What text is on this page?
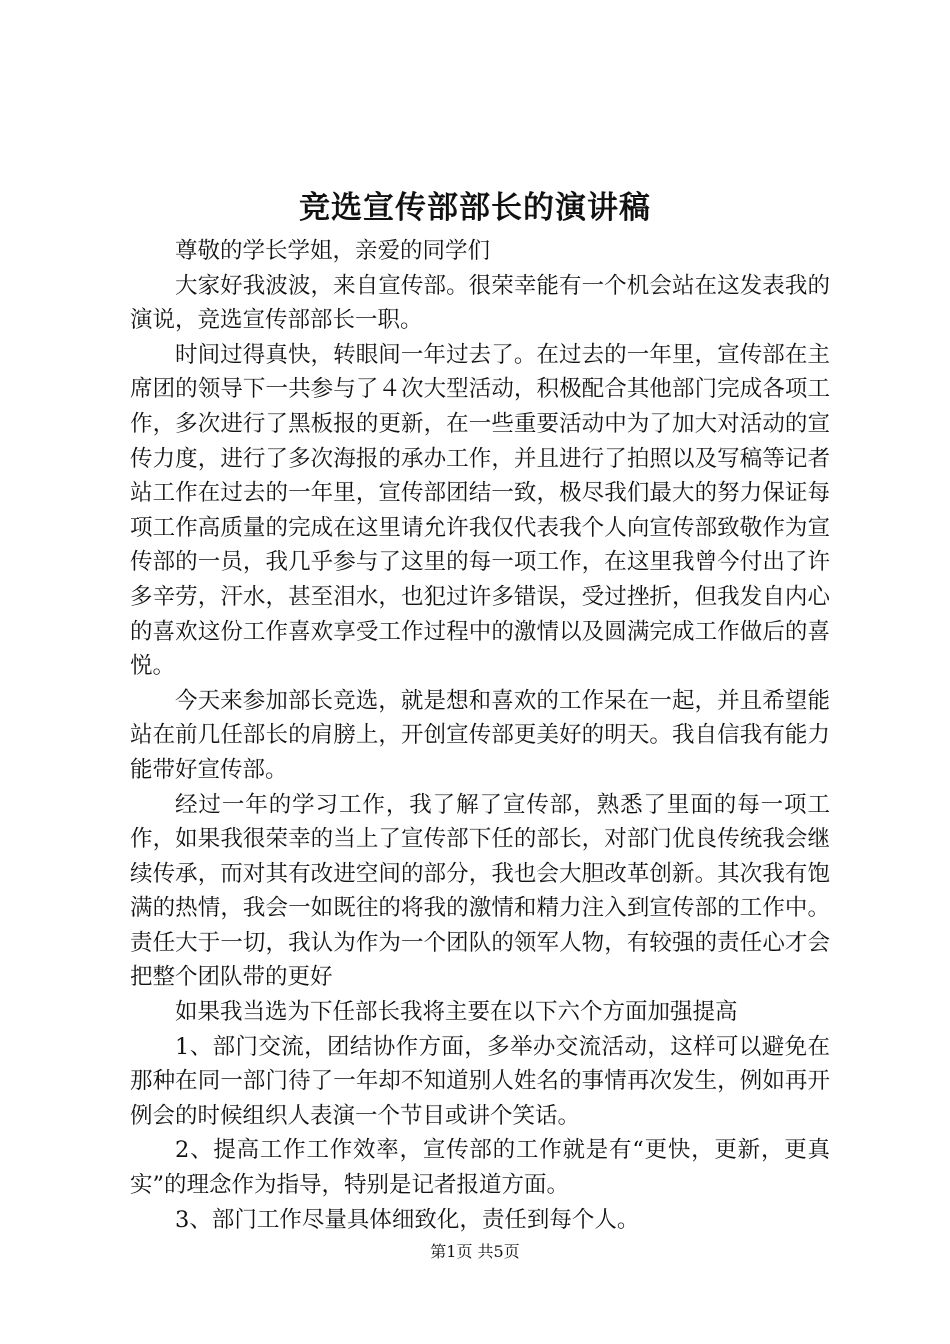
竞选宣传部部长的演讲稿

尊敬的学长学姐，亲爱的同学们

大家好我波波，来自宣传部。很荣幸能有一个机会站在这发表我的演说，竞选宣传部部长一职。

时间过得真快，转眼间一年过去了。在过去的一年里，宣传部在主席团的领导下一共参与了４次大型活动，积极配合其他部门完成各项工作，多次进行了黑板报的更新，在一些重要活动中为了加大对活动的宣传力度，进行了多次海报的承办工作，并且进行了拍照以及写稿等记者站工作在过去的一年里，宣传部团结一致，极尽我们最大的努力保证每项工作高质量的完成在这里请允许我仅代表我个人向宣传部致敬作为宣传部的一员，我几乎参与了这里的每一项工作，在这里我曾今付出了许多辛劳，汗水，甚至泪水，也犯过许多错误，受过挫折，但我发自内心的喜欢这份工作喜欢享受工作过程中的激情以及圆满完成工作做后的喜悦。

今天来参加部长竞选，就是想和喜欢的工作呆在一起，并且希望能站在前几任部长的肩膀上，开创宣传部更美好的明天。我自信我有能力能带好宣传部。

经过一年的学习工作，我了解了宣传部，熟悉了里面的每一项工作，如果我很荣幸的当上了宣传部下任的部长，对部门优良传统我会继续传承，而对其有改进空间的部分，我也会大胆改革创新。其次我有饱满的热情，我会一如既往的将我的激情和精力注入到宣传部的工作中。责任大于一切，我认为作为一个团队的领军人物，有较强的责任心才会把整个团队带的更好

如果我当选为下任部长我将主要在以下六个方面加强提高

1、部门交流，团结协作方面，多举办交流活动，这样可以避免在那种在同一部门待了一年却不知道别人姓名的事情再次发生，例如再开例会的时候组织人表演一个节目或讲个笑话。

2、提高工作工作效率，宣传部的工作就是有“更快，更新，更真实”的理念作为指导，特别是记者报道方面。

3、部门工作尽量具体细致化，责任到每个人。

第1页 共5页
